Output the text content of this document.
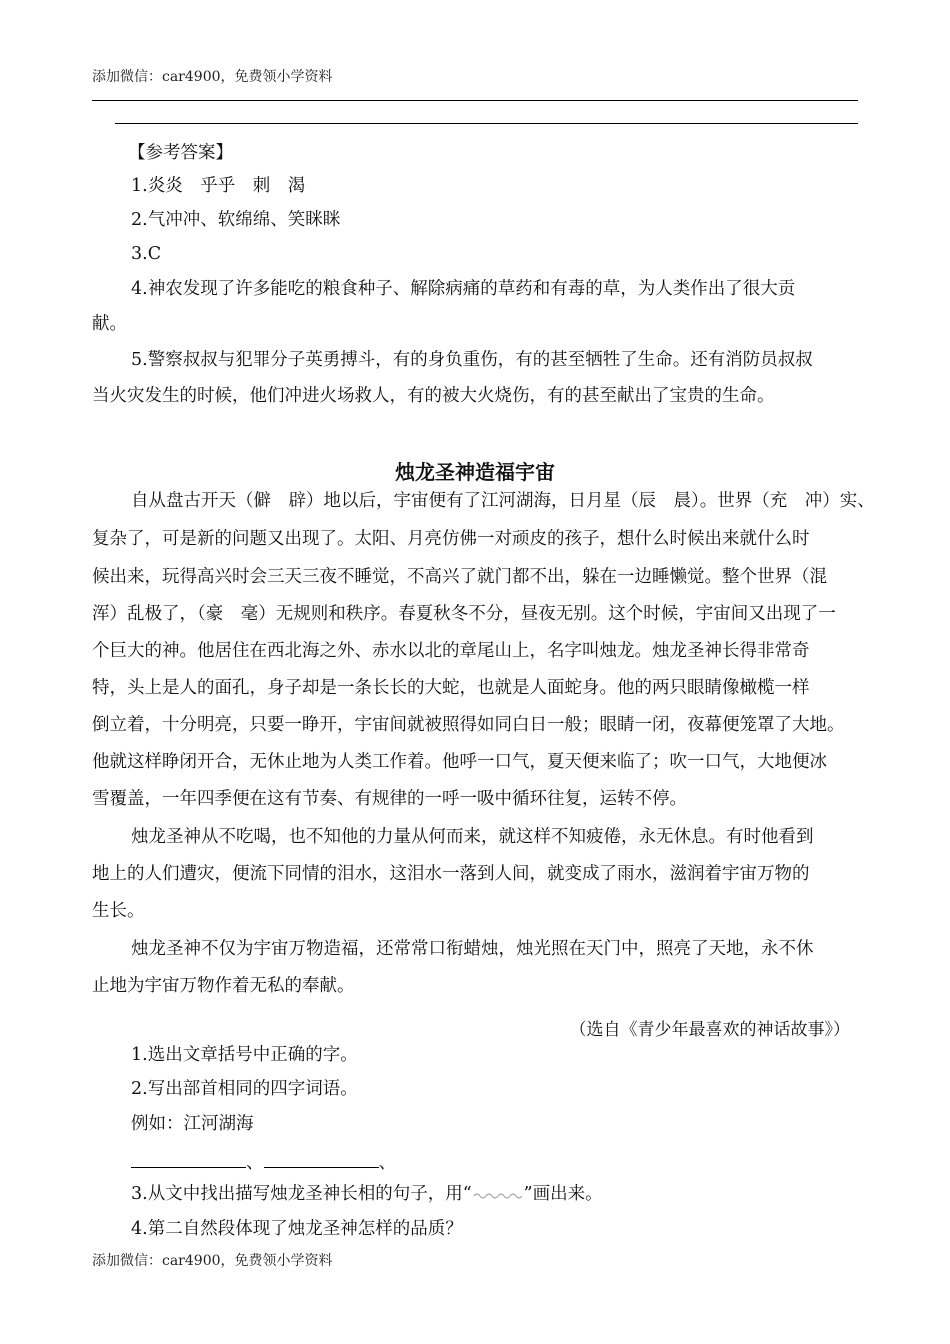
添加微信：car4900，免费领小学资料
【参考答案】
1.炎炎　乎乎　刺　渴
2.气冲冲、软绵绵、笑眯眯
3.C
4.神农发现了许多能吃的粮食种子、解除病痛的草药和有毒的草，为人类作出了很大贡
献。
5.警察叔叔与犯罪分子英勇搏斗，有的身负重伤，有的甚至牺牲了生命。还有消防员叔叔
当火灾发生的时候，他们冲进火场救人，有的被大火烧伤，有的甚至献出了宝贵的生命。
烛龙圣神造福宇宙
自从盘古开天（僻　辟）地以后，宇宙便有了江河湖海，日月星（辰　晨）。世界（充　冲）实、
复杂了，可是新的问题又出现了。太阳、月亮仿佛一对顽皮的孩子，想什么时候出来就什么时
候出来，玩得高兴时会三天三夜不睡觉，不高兴了就门都不出，躲在一边睡懒觉。整个世界（混
浑）乱极了，（豪　毫）无规则和秩序。春夏秋冬不分，昼夜无别。这个时候，宇宙间又出现了一
个巨大的神。他居住在西北海之外、赤水以北的章尾山上，名字叫烛龙。烛龙圣神长得非常奇
特，头上是人的面孔，身子却是一条长长的大蛇，也就是人面蛇身。他的两只眼睛像橄榄一样
倒立着，十分明亮，只要一睁开，宇宙间就被照得如同白日一般；眼睛一闭，夜幕便笼罩了大地。
他就这样睁闭开合，无休止地为人类工作着。他呼一口气，夏天便来临了；吹一口气，大地便冰
雪覆盖，一年四季便在这有节奏、有规律的一呼一吸中循环往复，运转不停。
烛龙圣神从不吃喝，也不知他的力量从何而来，就这样不知疲倦，永无休息。有时他看到
地上的人们遭灾，便流下同情的泪水，这泪水一落到人间，就变成了雨水，滋润着宇宙万物的
生长。
烛龙圣神不仅为宇宙万物造福，还常常口衔蜡烛，烛光照在天门中，照亮了天地，永不休
止地为宇宙万物作着无私的奉献。
（选自《青少年最喜欢的神话故事》）
1.选出文章括号中正确的字。
2.写出部首相同的四字词语。
例如：江河湖海
、	、
3.从文中找出描写烛龙圣神长相的句子，用“	”画出来。
4.第二自然段体现了烛龙圣神怎样的品质？
添加微信：car4900，免费领小学资料
